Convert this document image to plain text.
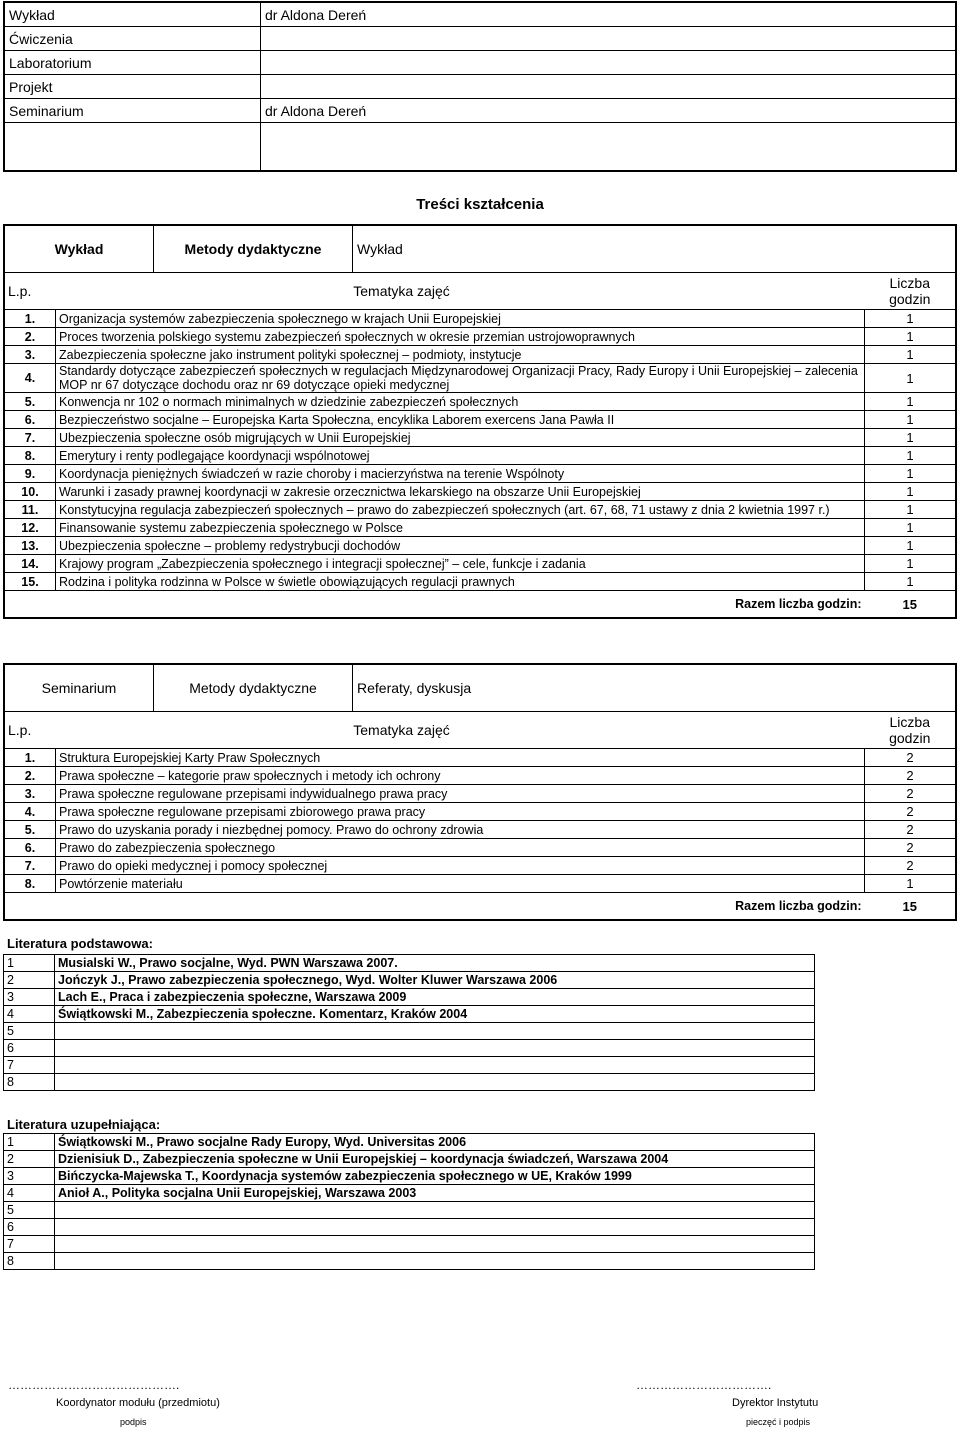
Wykład	dr Aldona Dereń
Ćwiczenia	
Laboratorium	
Projekt	
Seminarium	dr Aldona Dereń

Treści kształcenia
Wykład	Metody dydaktyczne	Wykład
L.p.	Tematyka zajęć	Liczba godzin
1.	Organizacja systemów zabezpieczenia społecznego w krajach Unii Europejskiej	1
2.	Proces tworzenia polskiego systemu zabezpieczeń społecznych w okresie przemian ustrojowoprawnych	1
3.	Zabezpieczenia społeczne jako instrument polityki społecznej – podmioty, instytucje	1
4.	Standardy dotyczące zabezpieczeń społecznych w regulacjach Międzynarodowej Organizacji Pracy, Rady Europy i Unii Europejskiej – zalecenia MOP nr 67 dotyczące dochodu oraz nr 69 dotyczące opieki medycznej	1
5.	Konwencja nr 102 o normach minimalnych w dziedzinie zabezpieczeń społecznych	1
6.	Bezpieczeństwo socjalne – Europejska Karta Społeczna, encyklika Laborem exercens Jana Pawła II	1
7.	Ubezpieczenia społeczne osób migrujących w Unii Europejskiej	1
8.	Emerytury i renty podlegające koordynacji wspólnotowej	1
9.	Koordynacja pieniężnych świadczeń w razie choroby i macierzyństwa na terenie Wspólnoty	1
10.	Warunki i zasady prawnej koordynacji w zakresie orzecznictwa lekarskiego na obszarze Unii Europejskiej	1
11.	Konstytucyjna regulacja zabezpieczeń społecznych – prawo do zabezpieczeń społecznych (art. 67, 68, 71 ustawy z dnia 2 kwietnia 1997 r.)	1
12.	Finansowanie systemu zabezpieczenia społecznego w Polsce	1
13.	Ubezpieczenia społeczne – problemy redystrybucji dochodów	1
14.	Krajowy program „Zabezpieczenia społecznego i integracji społecznej” – cele, funkcje i zadania	1
15.	Rodzina i polityka rodzinna w Polsce w świetle obowiązujących regulacji prawnych	1
Razem liczba godzin:		15
Seminarium	Metody dydaktyczne	Referaty, dyskusja
L.p.	Tematyka zajęć	Liczba godzin
1.	Struktura Europejskiej Karty Praw Społecznych	2
2.	Prawa społeczne – kategorie praw społecznych i metody ich ochrony	2
3.	Prawa społeczne regulowane przepisami indywidualnego prawa pracy	2
4.	Prawa społeczne regulowane przepisami zbiorowego prawa pracy	2
5.	Prawo do uzyskania porady i niezbędnej pomocy. Prawo do ochrony zdrowia	2
6.	Prawo do zabezpieczenia społecznego	2
7.	Prawo do opieki medycznej i pomocy społecznej	2
8.	Powtórzenie materiału	1
Razem liczba godzin:		15
Literatura podstawowa:
1	Musialski W., Prawo socjalne, Wyd. PWN Warszawa 2007.
2	Jończyk J., Prawo zabezpieczenia społecznego, Wyd. Wolter Kluwer Warszawa 2006
3	Lach E., Praca i zabezpieczenia społeczne, Warszawa 2009
4	Świątkowski M., Zabezpieczenia społeczne. Komentarz, Kraków 2004
5	
6	
7	
8	
Literatura uzupełniająca:
1	Świątkowski M., Prawo socjalne Rady Europy, Wyd. Universitas 2006
2	Dzienisiuk D., Zabezpieczenia społeczne w Unii Europejskiej – koordynacja świadczeń, Warszawa 2004
3	Bińczycka-Majewska T., Koordynacja systemów zabezpieczenia społecznego w UE, Kraków 1999
4	Anioł A., Polityka socjalna Unii Europejskiej, Warszawa 2003
5	
6	
7	
8	
…………………………………….
Koordynator modułu (przedmiotu)
podpis
…………………………….
Dyrektor Instytutu
pieczęć i podpis
